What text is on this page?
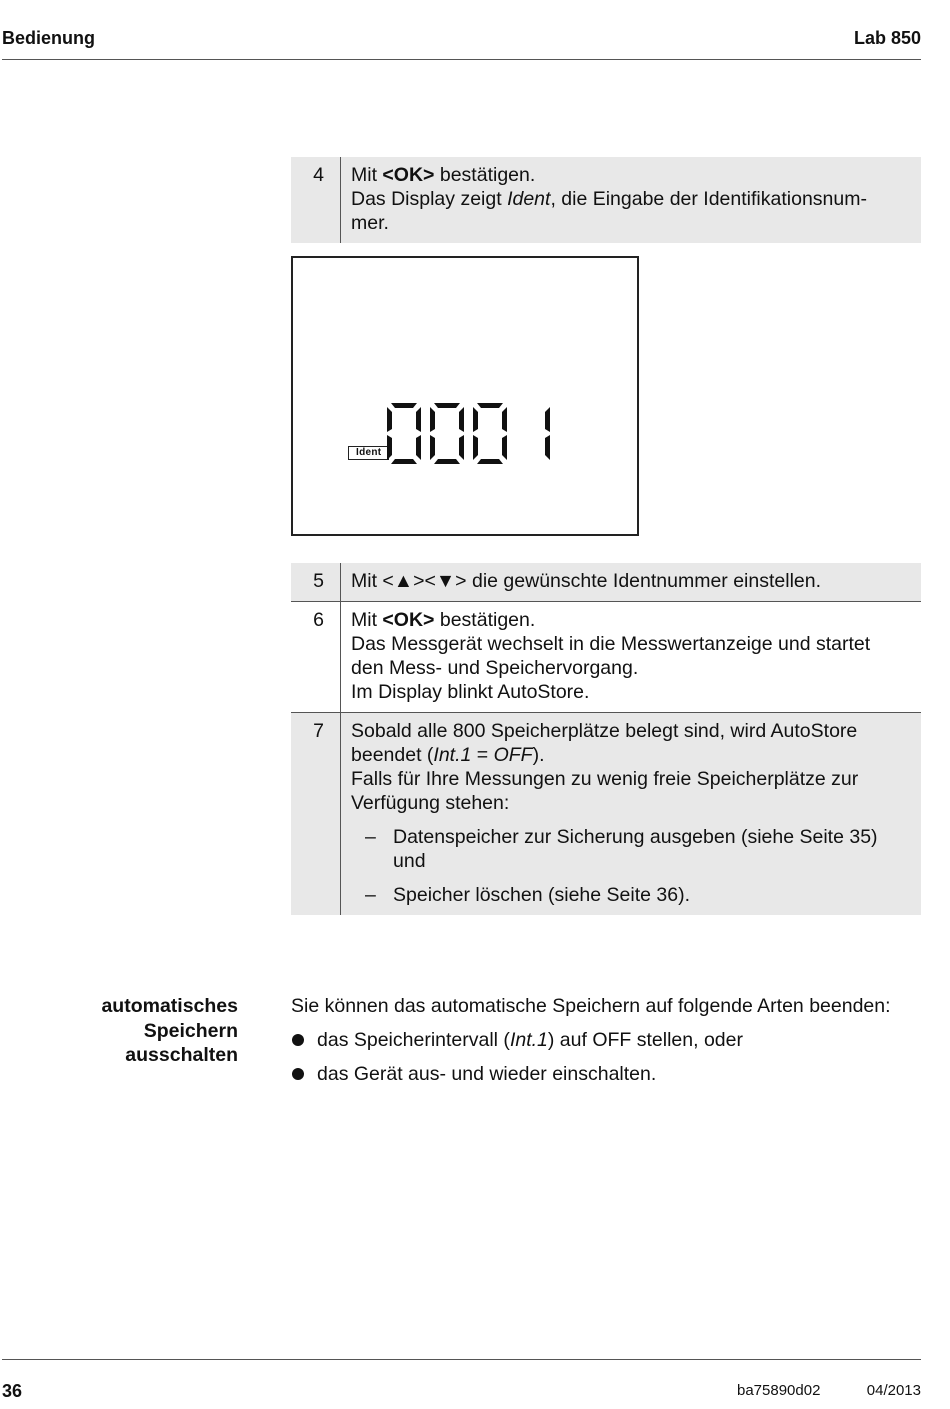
Bedienung	Lab 850
4	Mit <OK> bestätigen.
Das Display zeigt Ident, die Eingabe der Identifikationsnum-
mer.
Ident
5	Mit <▲><▼> die gewünschte Identnummer einstellen.
6	Mit <OK> bestätigen.
Das Messgerät wechselt in die Messwertanzeige und startet
den Mess- und Speichervorgang.
Im Display blinkt AutoStore.
7	Sobald alle 800 Speicherplätze belegt sind, wird AutoStore
beendet (Int.1 = OFF).
Falls für Ihre Messungen zu wenig freie Speicherplätze zur
Verfügung stehen:
– Datenspeicher zur Sicherung ausgeben (siehe Seite 35)
und
– Speicher löschen (siehe Seite 36).
automatisches
Speichern
ausschalten
Sie können das automatische Speichern auf folgende Arten beenden:
das Speicherintervall (Int.1) auf OFF stellen, oder
das Gerät aus- und wieder einschalten.
36	ba75890d02	04/2013
